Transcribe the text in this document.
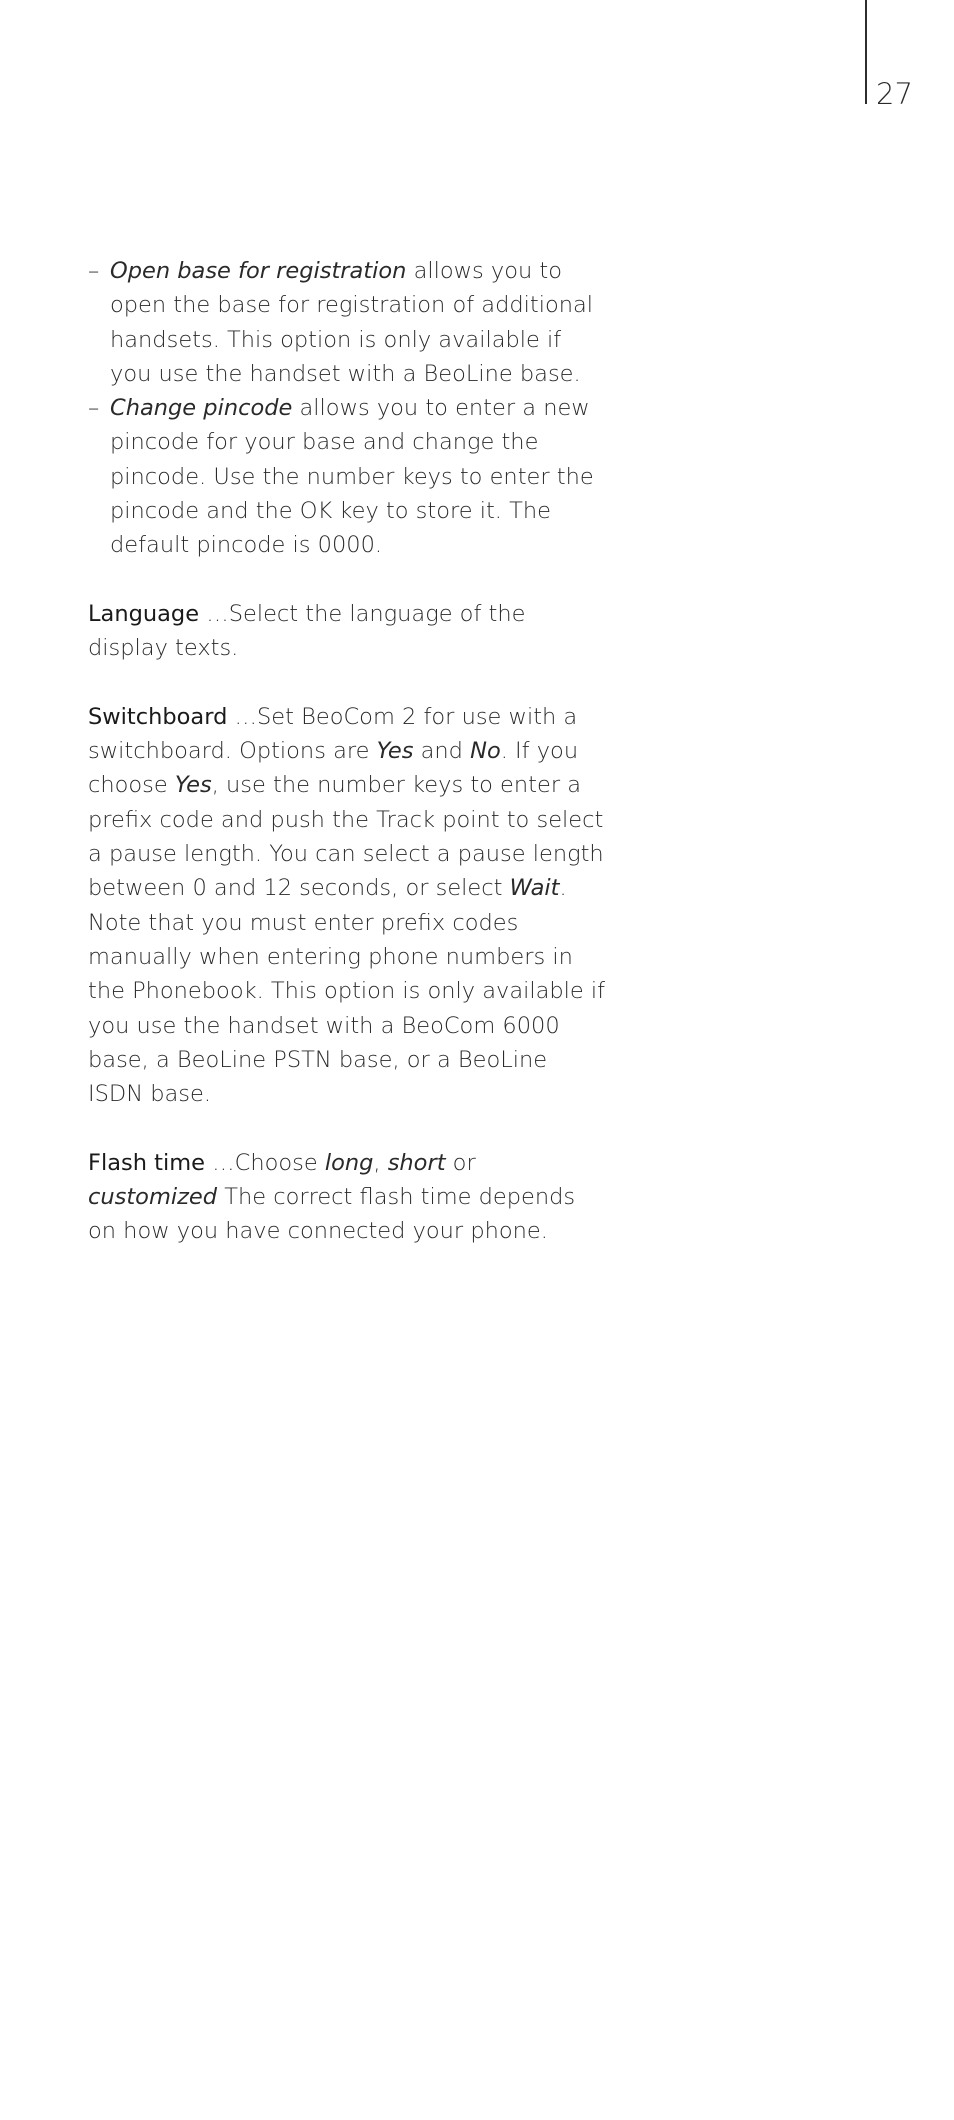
27

– Open base for registration allows you to open the base for registration of additional handsets. This option is only available if you use the handset with a BeoLine base.

– Change pincode allows you to enter a new pincode for your base and change the pincode. Use the number keys to enter the pincode and the OK key to store it. The default pincode is 0000.

Language …Select the language of the display texts.

Switchboard …Set BeoCom 2 for use with a switchboard. Options are Yes and No. If you choose Yes, use the number keys to enter a prefix code and push the Track point to select a pause length. You can select a pause length between 0 and 12 seconds, or select Wait. Note that you must enter prefix codes manually when entering phone numbers in the Phonebook. This option is only available if you use the handset with a BeoCom 6000 base, a BeoLine PSTN base, or a BeoLine ISDN base.

Flash time …Choose long, short or customized The correct flash time depends on how you have connected your phone.
